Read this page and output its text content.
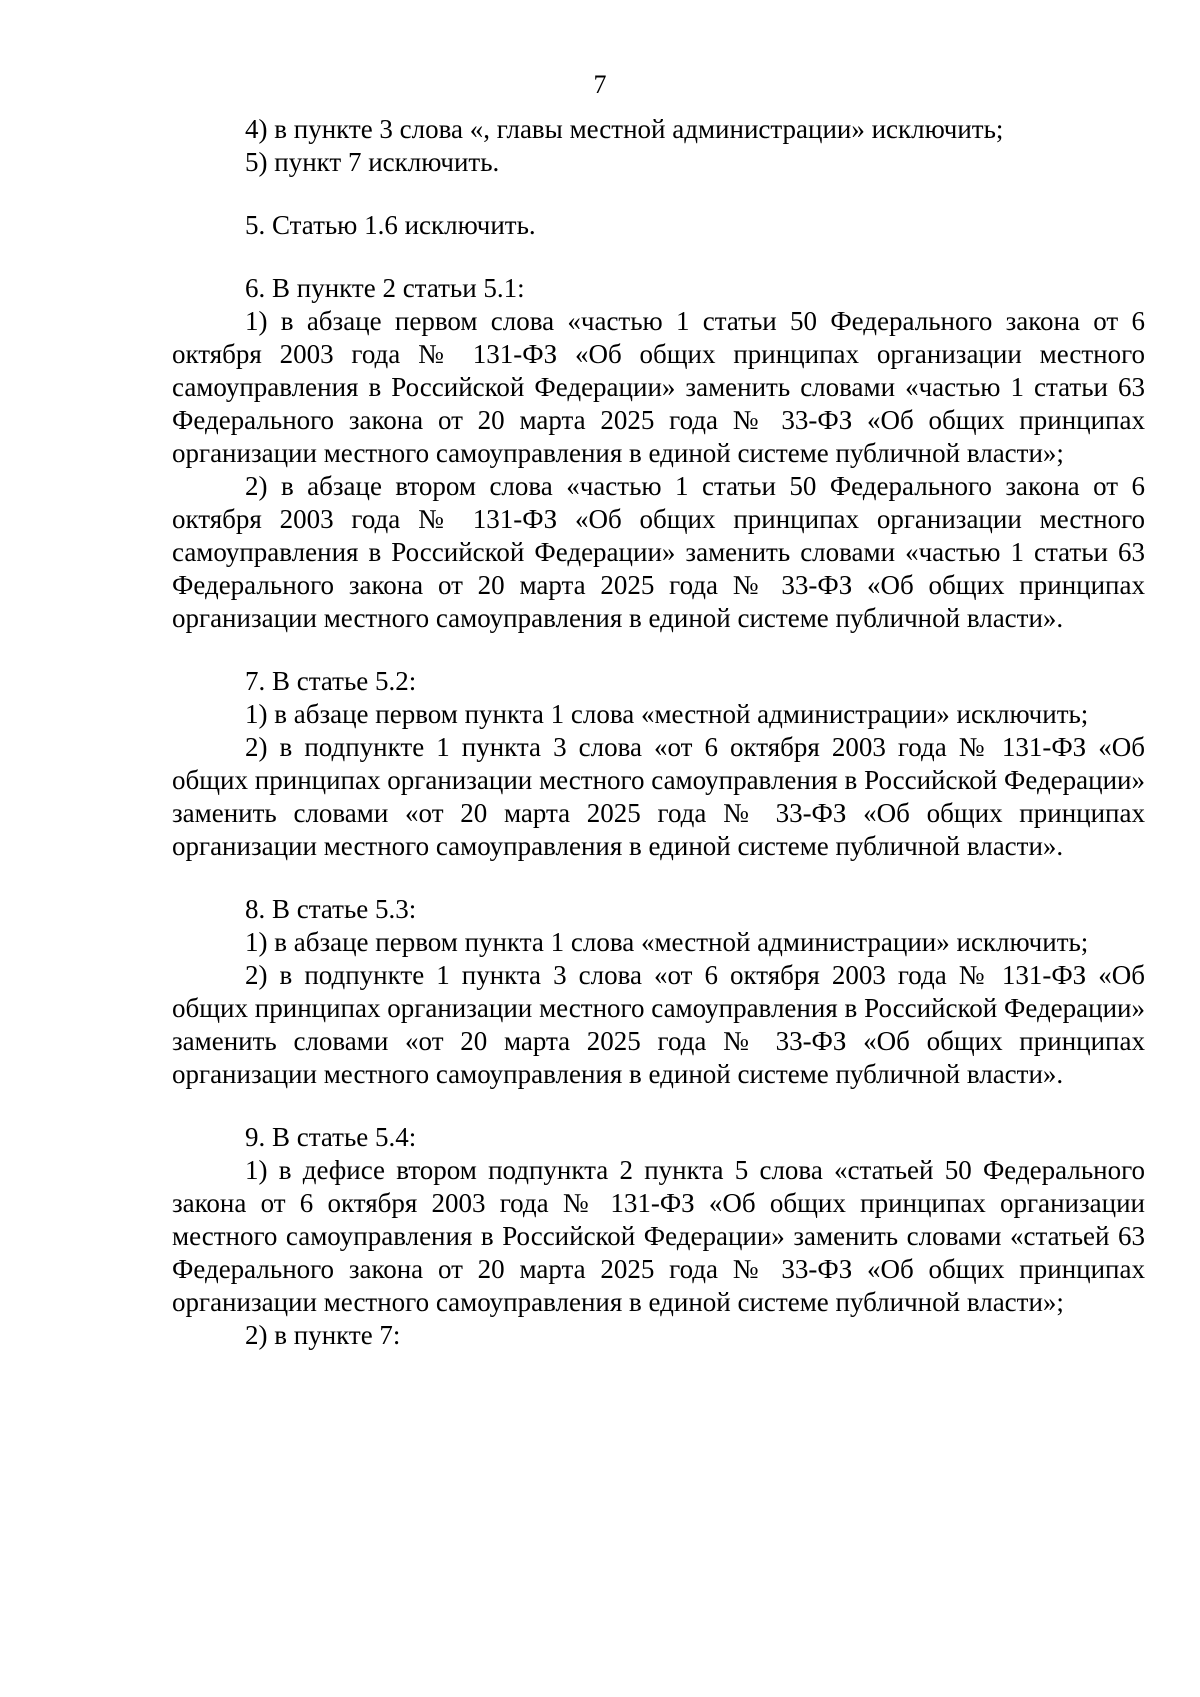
7

4) в пункте 3 слова «, главы местной администрации» исключить;

5) пункт 7 исключить.

5. Статью 1.6 исключить.

6. В пункте 2 статьи 5.1:

1) в абзаце первом слова «частью 1 статьи 50 Федерального закона от 6 октября 2003 года № 131-ФЗ «Об общих принципах организации местного самоуправления в Российской Федерации» заменить словами «частью 1 статьи 63 Федерального закона от 20 марта 2025 года № 33-ФЗ «Об общих принципах организации местного самоуправления в единой системе публичной власти»;

2) в абзаце втором слова «частью 1 статьи 50 Федерального закона от 6 октября 2003 года № 131-ФЗ «Об общих принципах организации местного самоуправления в Российской Федерации» заменить словами «частью 1 статьи 63 Федерального закона от 20 марта 2025 года № 33-ФЗ «Об общих принципах организации местного самоуправления в единой системе публичной власти».

7. В статье 5.2:

1) в абзаце первом пункта 1 слова «местной администрации» исключить;

2) в подпункте 1 пункта 3 слова «от 6 октября 2003 года № 131-ФЗ «Об общих принципах организации местного самоуправления в Российской Федерации» заменить словами «от 20 марта 2025 года № 33-ФЗ «Об общих принципах организации местного самоуправления в единой системе публичной власти».

8. В статье 5.3:

1) в абзаце первом пункта 1 слова «местной администрации» исключить;

2) в подпункте 1 пункта 3 слова «от 6 октября 2003 года № 131-ФЗ «Об общих принципах организации местного самоуправления в Российской Федерации» заменить словами «от 20 марта 2025 года № 33-ФЗ «Об общих принципах организации местного самоуправления в единой системе публичной власти».

9. В статье 5.4:

1) в дефисе втором подпункта 2 пункта 5 слова «статьей 50 Федерального закона от 6 октября 2003 года № 131-ФЗ «Об общих принципах организации местного самоуправления в Российской Федерации» заменить словами «статьей 63 Федерального закона от 20 марта 2025 года № 33-ФЗ «Об общих принципах организации местного самоуправления в единой системе публичной власти»;

2) в пункте 7:
